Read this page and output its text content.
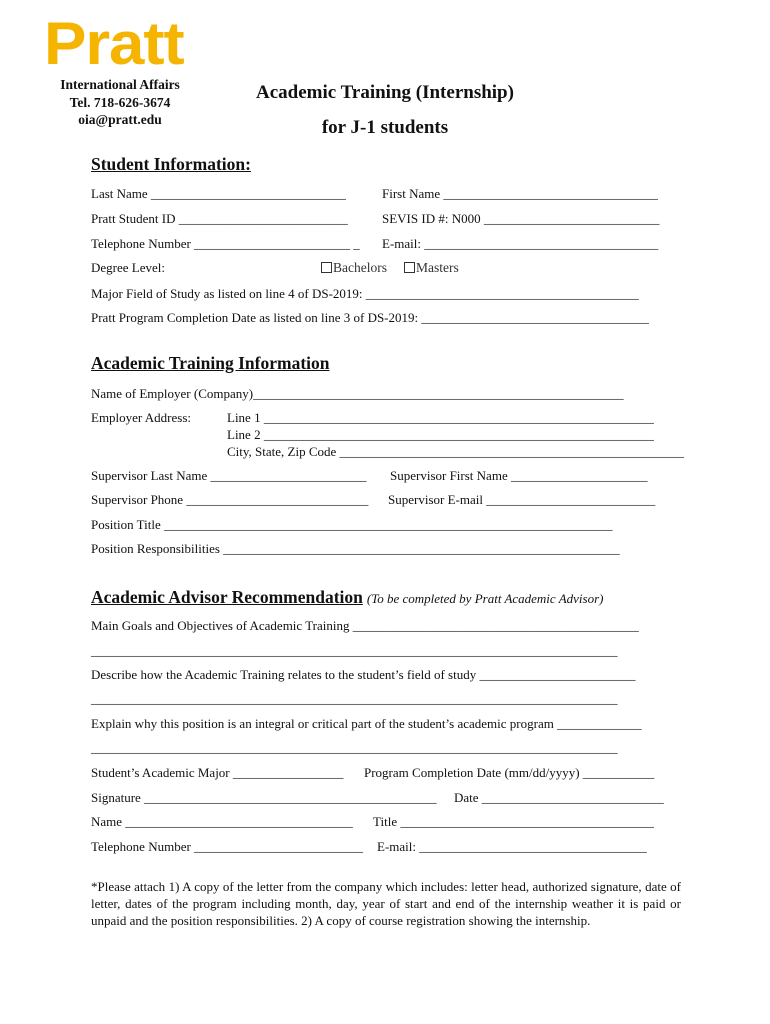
Pratt
International Affairs
Tel. 718-626-3674
oia@pratt.edu
Academic Training (Internship)
for J-1 students
Student Information:
Last Name ______________________________	First Name _________________________________
Pratt Student ID __________________________	SEVIS ID #: N000 ___________________________
Telephone Number ________________________ _ E-mail: ____________________________________
Degree Level:	Bachelors	Masters
Major Field of Study as listed on line 4 of DS-2019: __________________________________________
Pratt Program Completion Date as listed on line 3 of DS-2019: ___________________________________
Academic Training Information
Name of Employer (Company)_________________________________________________________
Employer Address:	Line 1 ____________________________________________________________
Line 2 ____________________________________________________________
City, State, Zip Code _____________________________________________________
Supervisor Last Name ________________________ Supervisor First Name _____________________
Supervisor Phone ____________________________ Supervisor E-mail __________________________
Position Title _____________________________________________________________________
Position Responsibilities _____________________________________________________________
Academic Advisor Recommendation (To be completed by Pratt Academic Advisor)
Main Goals and Objectives of Academic Training ____________________________________________
_________________________________________________________________________________
Describe how the Academic Training relates to the student’s field of study ________________________
_________________________________________________________________________________
Explain why this position is an integral or critical part of the student’s academic program _____________
_________________________________________________________________________________
Student’s Academic Major _________________ Program Completion Date (mm/dd/yyyy) ___________
Signature _____________________________________________ Date ____________________________
Name ___________________________________ Title _______________________________________
Telephone Number __________________________ E-mail: ___________________________________
*Please attach 1) A copy of the letter from the company which includes: letter head, authorized signature, date of letter, dates of the program including month, day, year of start and end of the internship weather it is paid or unpaid and the position responsibilities. 2) A copy of course registration showing the internship.
